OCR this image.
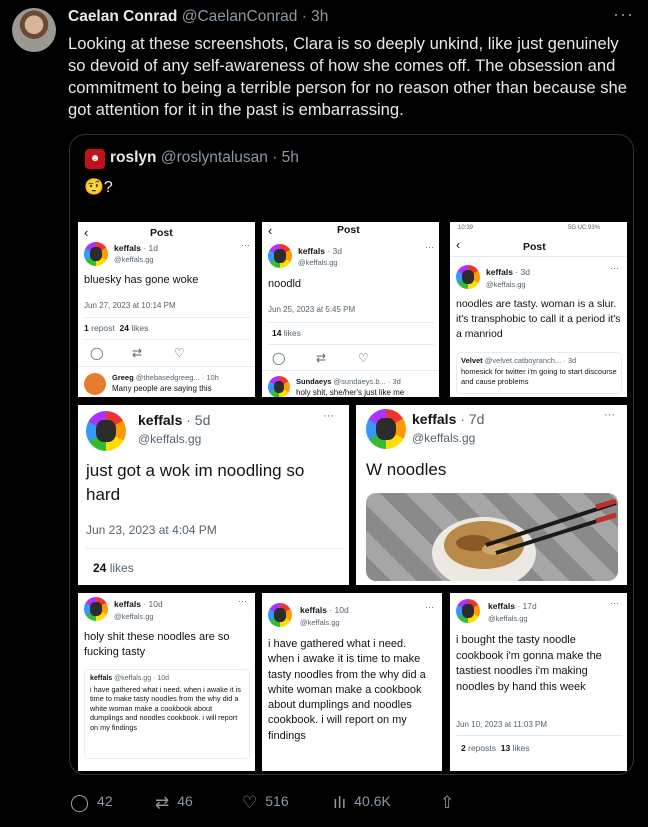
Caelan Conrad @CaelanConrad · 3h	···
Looking at these screenshots, Clara is so deeply unkind, like just genuinely so devoid of any self-awareness of how she comes off. The obsession and commitment to being a terrible person for no reason other than because she got attention for it in the past is embarrassing.
☻ roslyn @roslyntalusan · 5h
🤨?
‹	Post
keffals · 1d
@keffals.gg
···
bluesky has gone woke
Jun 27, 2023 at 10:14 PM
1 repost 24 likes
◯ ⇄	♡
Greeg @thebasedgreeg... · 10h
Many people are saying this
‹	Post
keffals · 3d
@keffals.gg
···
noodld
Jun 25, 2023 at 5:45 PM
14 likes
◯	⇄	♡
Sundaeys @sundaeys.b... · 3d
holy shit, she/her's just like me
10:39	5G UC 93%
‹	Post
keffals · 3d
@keffals.gg
···
noodles are tasty. woman is a slur. it's transphobic to call it a period it's a manriod
Velvet @velvet.catboyranch... · 3d
homesick for twitter i'm going to start discourse and cause problems
keffals · 5d
@keffals.gg
···
just got a wok im noodling so hard
Jun 23, 2023 at 4:04 PM
24 likes
keffals · 7d
@keffals.gg
···
W noodles
keffals · 10d
@keffals.gg
···
holy shit these noodles are so fucking tasty
keffals @keffals.gg · 10d
i have gathered what i need. when i awake it is time to make tasty noodles from the why did a white woman make a cookbook about dumplings and noodles cookbook. i will report on my findings
keffals · 10d
@keffals.gg
···
i have gathered what i need. when i awake it is time to make tasty noodles from the why did a white woman make a cookbook about dumplings and noodles cookbook. i will report on my findings
keffals · 17d
@keffals.gg
···
i bought the tasty noodle cookbook i'm gonna make the tastiest noodles i'm making noodles by hand this week
Jun 10, 2023 at 11:03 PM
2 reposts 13 likes
◯ 42 ⇄ 46	♡ 516	ılı 40.6K	⇧
